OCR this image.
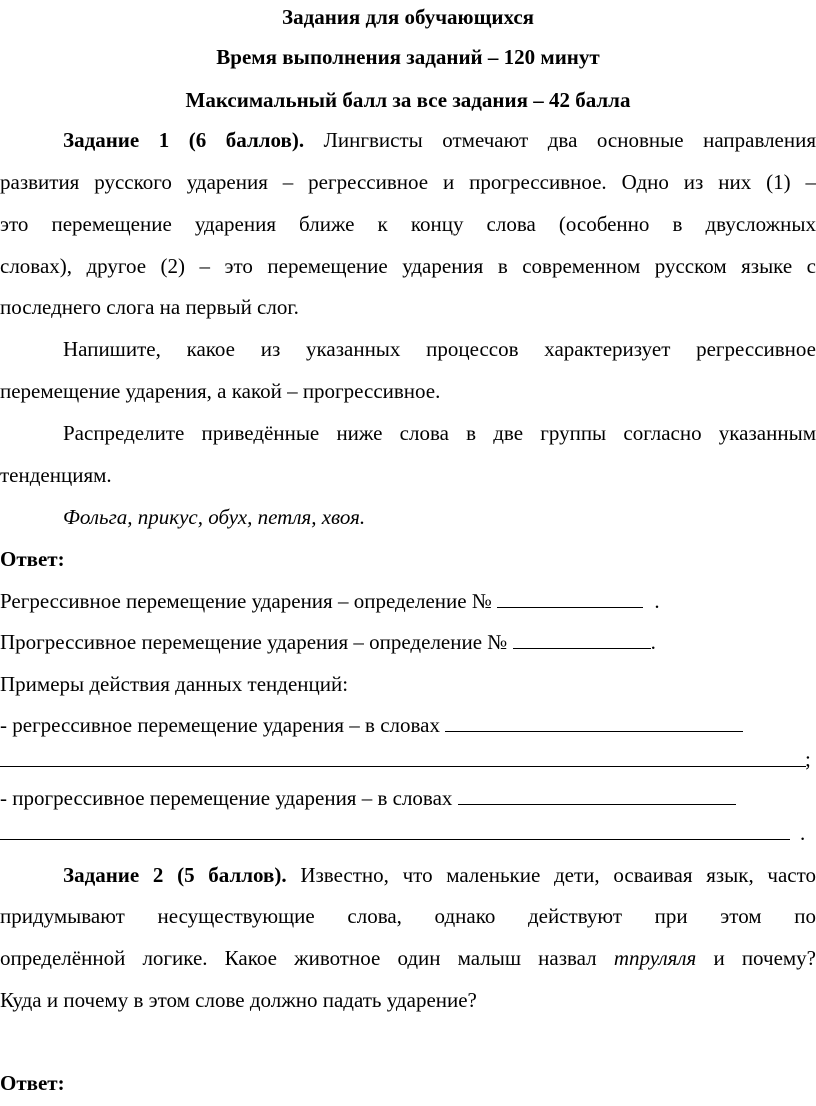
Задания для обучающихся
Время выполнения заданий – 120 минут
Максимальный балл за все задания – 42 балла
Задание 1 (6 баллов). Лингвисты отмечают два основные направления
развития русского ударения – регрессивное и прогрессивное. Одно из них (1) –
это перемещение ударения ближе к концу слова (особенно в двусложных
словах), другое (2) – это перемещение ударения в современном русском языке с
последнего слога на первый слог.
Напишите, какое из указанных процессов характеризует регрессивное
перемещение ударения, а какой – прогрессивное.
Распределите приведённые ниже слова в две группы согласно указанным
тенденциям.
Фольга, прикус, обух, петля, хвоя.
Ответ:
Регрессивное перемещение ударения – определение №	.
Прогрессивное перемещение ударения – определение №	.
Примеры действия данных тенденций:
- регрессивное перемещение ударения – в словах
;
- прогрессивное перемещение ударения – в словах
.
Задание 2 (5 баллов). Известно, что маленькие дети, осваивая язык, часто
придумывают несуществующие слова, однако действуют при этом по
определённой логике. Какое животное один малыш назвал тпруляля и почему?
Куда и почему в этом слове должно падать ударение?
Ответ:
